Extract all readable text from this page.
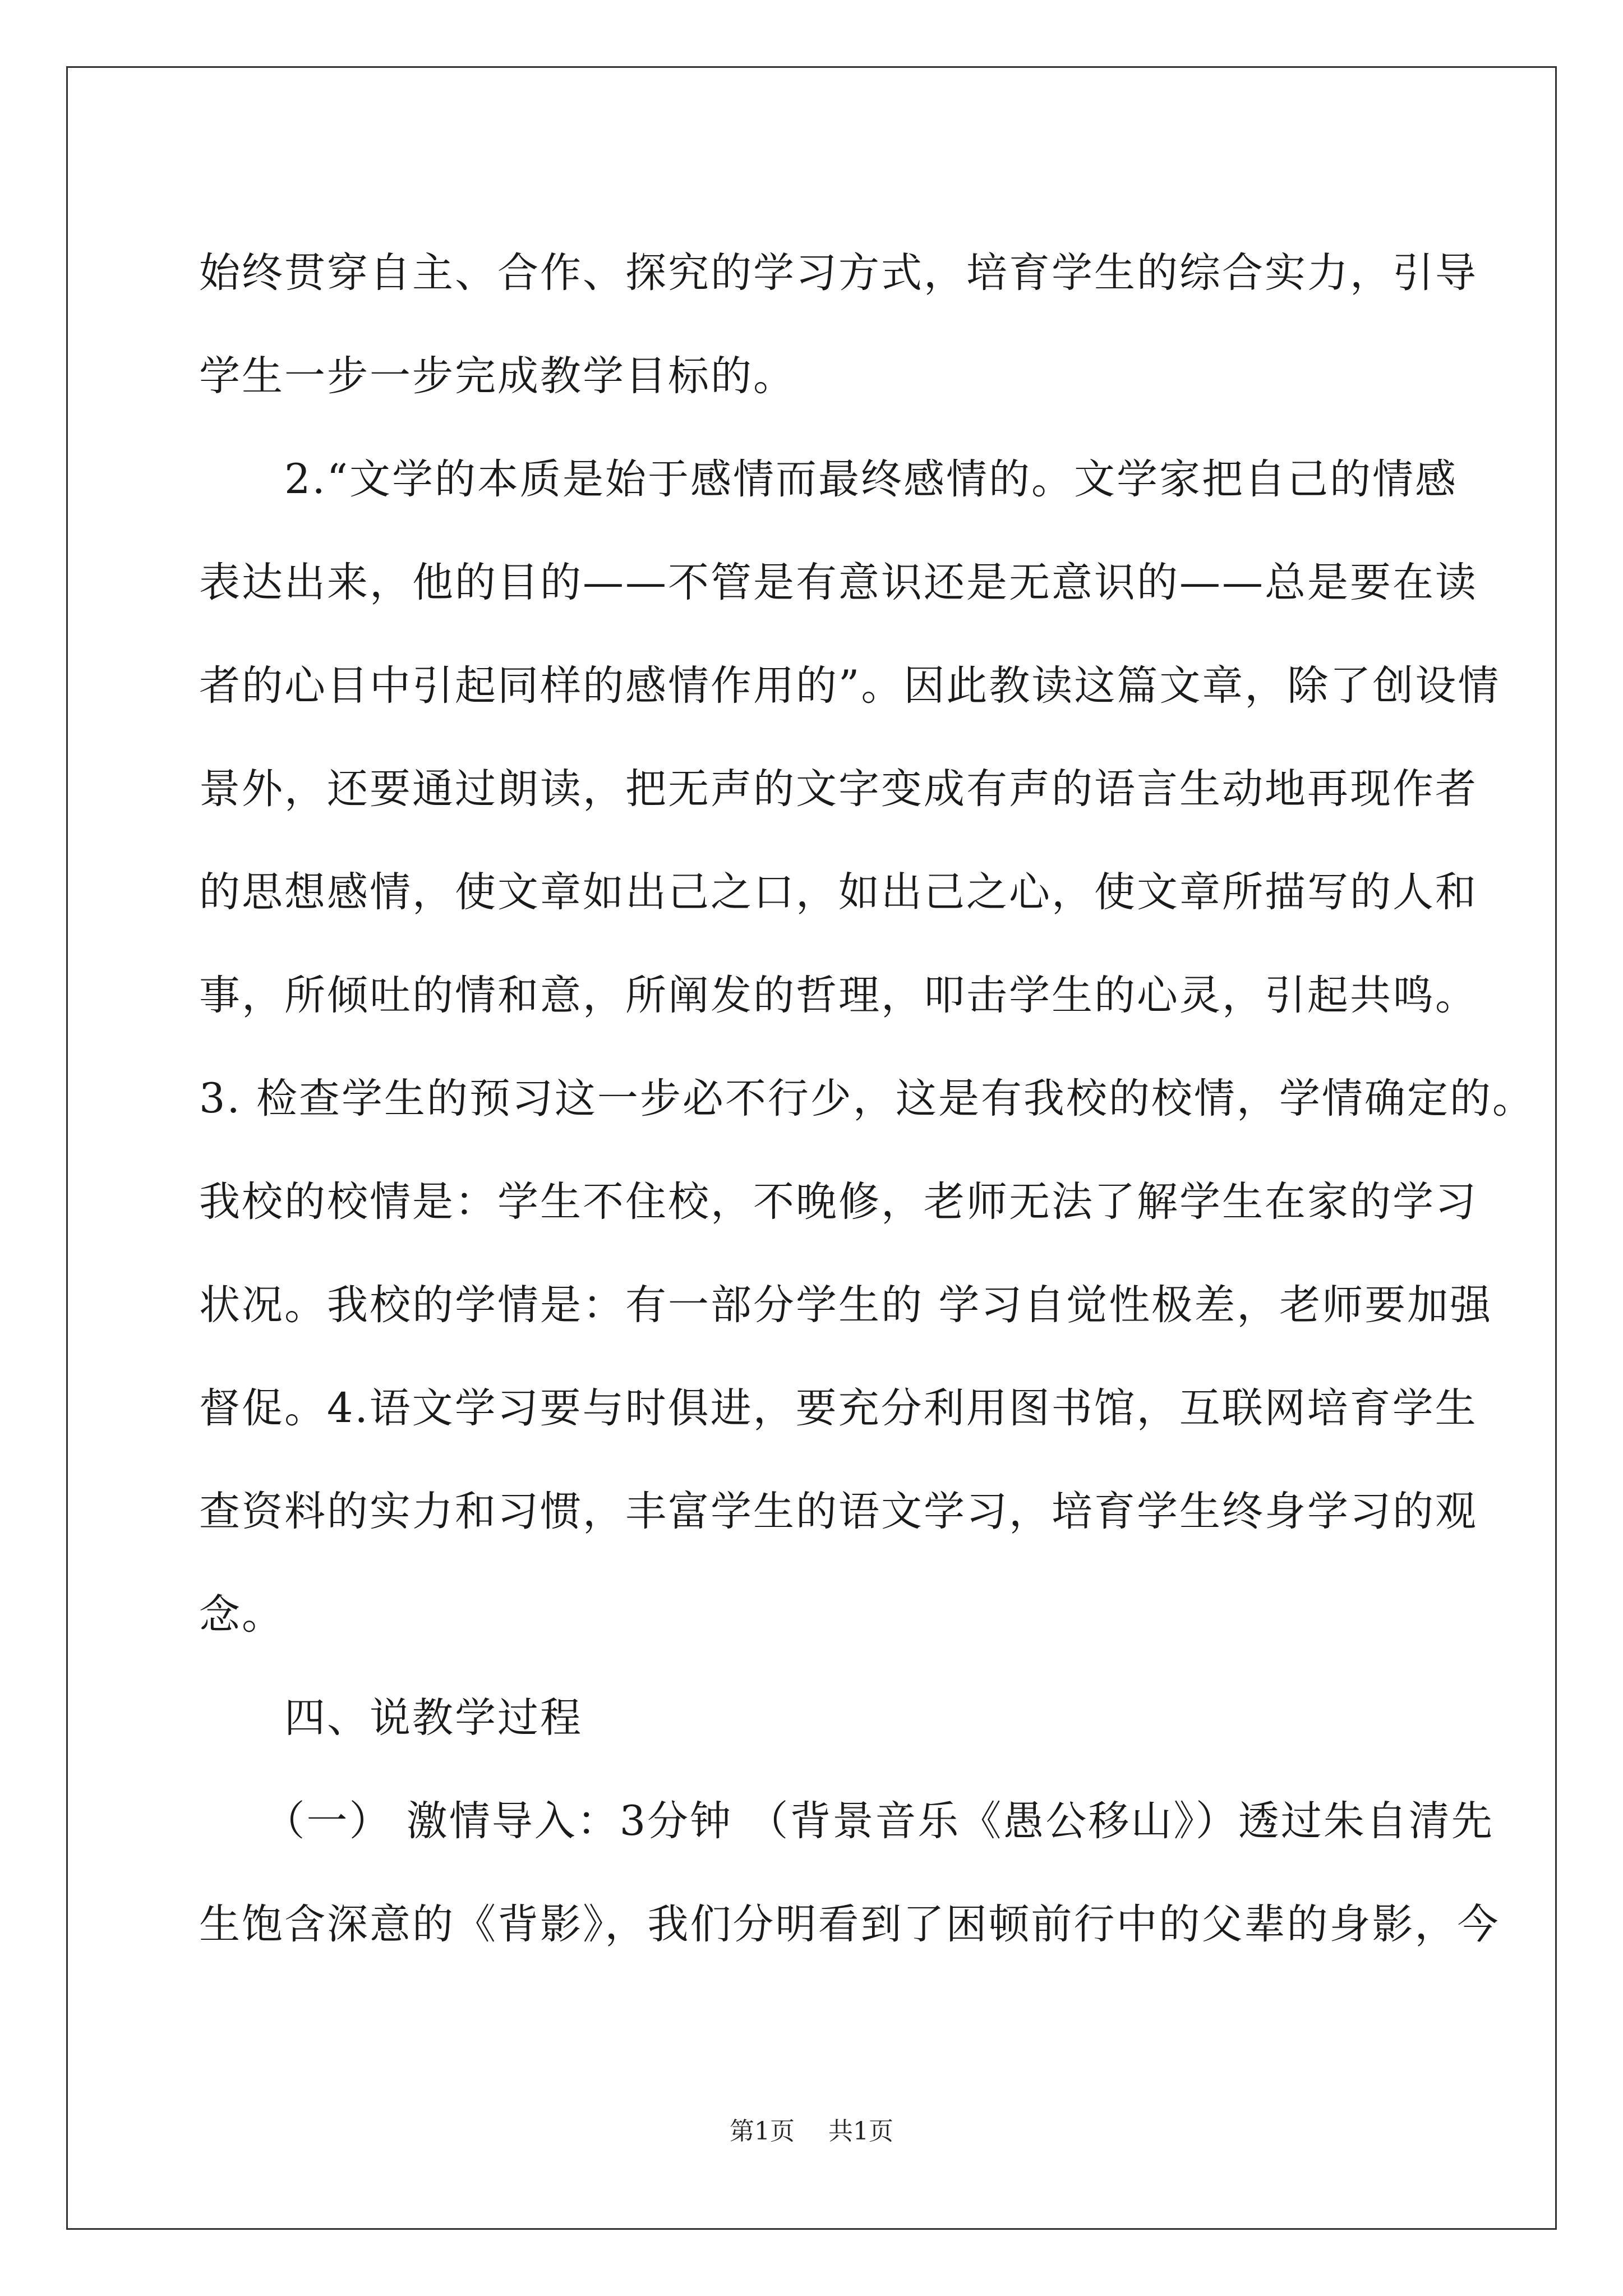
始终贯穿自主、合作、探究的学习方式，培育学生的综合实力，引导
学生一步一步完成教学目标的。
　　2.“文学的本质是始于感情而最终感情的。文学家把自己的情感
表达出来，他的目的——不管是有意识还是无意识的——总是要在读
者的心目中引起同样的感情作用的”。因此教读这篇文章，除了创设情
景外，还要通过朗读，把无声的文字变成有声的语言生动地再现作者
的思想感情，使文章如出己之口，如出己之心，使文章所描写的人和
事，所倾吐的情和意，所阐发的哲理，叩击学生的心灵，引起共鸣。
3. 检查学生的预习这一步必不行少，这是有我校的校情，学情确定的。
我校的校情是：学生不住校，不晚修，老师无法了解学生在家的学习
状况。我校的学情是：有一部分学生的 学习自觉性极差，老师要加强
督促。4.语文学习要与时俱进，要充分利用图书馆，互联网培育学生
查资料的实力和习惯，丰富学生的语文学习，培育学生终身学习的观
念。
　　四、说教学过程
　　（一） 激情导入：3分钟 （背景音乐《愚公移山》）透过朱自清先
生饱含深意的《背影》，我们分明看到了困顿前行中的父辈的身影，今
第1页 共1页
